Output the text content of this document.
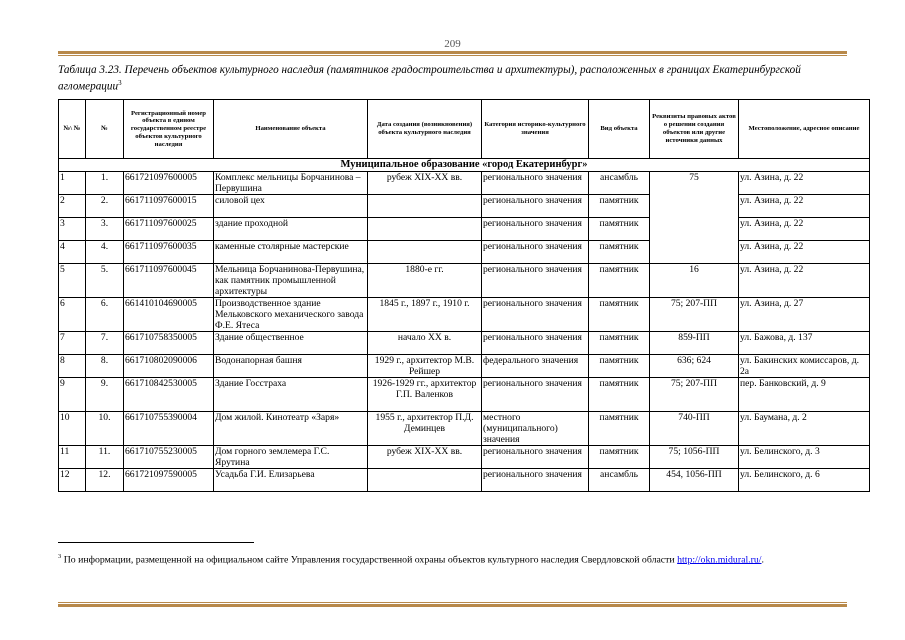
209
Таблица 3.23. Перечень объектов культурного наследия (памятников градостроительства и архитектуры), расположенных в границах Екатеринбургской агломерации$^3$
№\ №	№	Регистрационный номер объекта в едином государственном реестре объектов культурного наследия	Наименование объекта	Дата создания (возникновения) объекта культурного наследия	Категория историко-культурного значения	Вид объекта	Реквизиты правовых актов о решении создания объектов или другие источники данных	Местоположение, адресное описание
Муниципальное образование «город Екатеринбург»								
1	1.	661721097600005	Комплекс мельницы Борчанинова – Первушина	рубеж XIX-XX вв.	регионального значения	ансамбль	75	ул. Азина, д. 22
2	2.	661711097600015	силовой цех		регионального значения	памятник		ул. Азина, д. 22
3	3.	661711097600025	здание проходной		регионального значения	памятник		ул. Азина, д. 22
4	4.	661711097600035	каменные столярные мастерские		регионального значения	памятник		ул. Азина, д. 22
5	5.	661711097600045	Мельница Борчанинова-Первушина, как памятник промышленной архитектуры	1880-е гг.	регионального значения	памятник	16	ул. Азина, д. 22
6	6.	661410104690005	Производственное здание Мельковского механического завода Ф.Е. Ятеса	1845 г., 1897 г., 1910 г.	регионального значения	памятник	75; 207-ПП	ул. Азина, д. 27
7	7.	661710758350005	Здание общественное	начало XX в.	регионального значения	памятник	859-ПП	ул. Бажова, д. 137
8	8.	661710802090006	Водонапорная башня	1929 г., архитектор М.В. Рейшер	федерального значения	памятник	636; 624	ул. Бакинских комиссаров, д. 2а
9	9.	661710842530005	Здание Госстраха	1926-1929 гг., архитектор Г.П. Валенков	регионального значения	памятник	75; 207-ПП	пер. Банковский, д. 9
10	10.	661710755390004	Дом жилой. Кинотеатр «Заря»	1955 г., архитектор П.Д. Деминцев	местного (муниципального) значения	памятник	740-ПП	ул. Баумана, д. 2
11	11.	661710755230005	Дом горного землемера Г.С. Ярутина	рубеж XIX-XX вв.	регионального значения	памятник	75; 1056-ПП	ул. Белинского, д. 3
12	12.	661721097590005	Усадьба Г.И. Елизарьева		регионального значения	ансамбль	454, 1056-ПП	ул. Белинского, д. 6
$^3$ По информации, размещенной на официальном сайте Управления государственной охраны объектов культурного наследия Свердловской области http://okn.midural.ru/.
